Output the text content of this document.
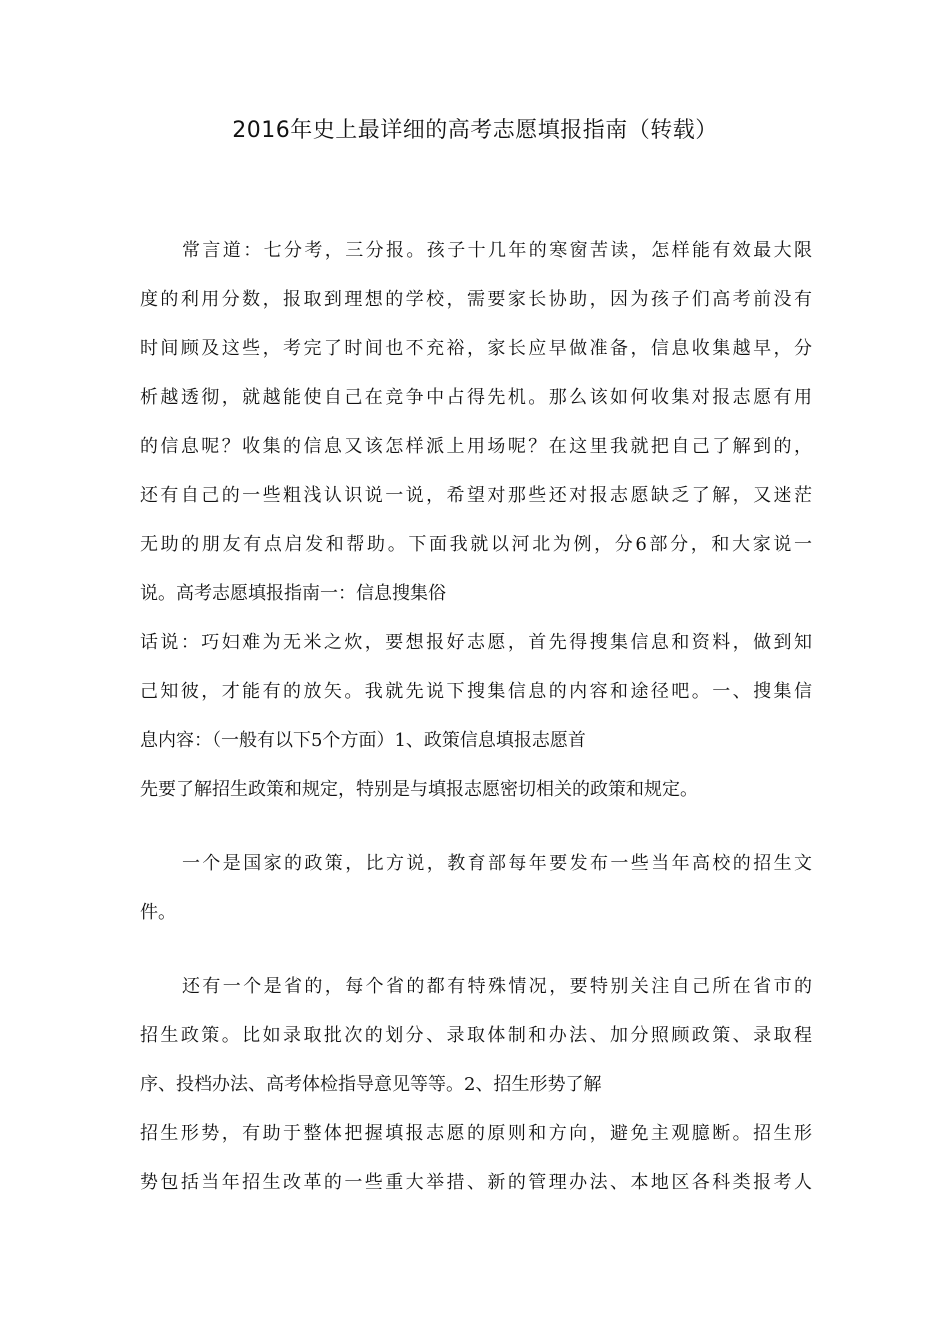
2016年史上最详细的高考志愿填报指南（转载）
常言道：七分考，三分报。孩子十几年的寒窗苦读，怎样能有效最大限
度的利用分数，报取到理想的学校，需要家长协助，因为孩子们高考前没有
时间顾及这些，考完了时间也不充裕，家长应早做准备，信息收集越早，分
析越透彻，就越能使自己在竞争中占得先机。那么该如何收集对报志愿有用
的信息呢？收集的信息又该怎样派上用场呢？在这里我就把自己了解到的，
还有自己的一些粗浅认识说一说，希望对那些还对报志愿缺乏了解，又迷茫
无助的朋友有点启发和帮助。下面我就以河北为例，分6部分，和大家说一
说。高考志愿填报指南一：信息搜集俗
话说：巧妇难为无米之炊，要想报好志愿，首先得搜集信息和资料，做到知
己知彼，才能有的放矢。我就先说下搜集信息的内容和途径吧。一、搜集信
息内容：（一般有以下5个方面）1、政策信息填报志愿首
先要了解招生政策和规定，特别是与填报志愿密切相关的政策和规定。
一个是国家的政策，比方说，教育部每年要发布一些当年高校的招生文
件。
还有一个是省的，每个省的都有特殊情况，要特别关注自己所在省市的
招生政策。比如录取批次的划分、录取体制和办法、加分照顾政策、录取程
序、投档办法、高考体检指导意见等等。2、招生形势了解
招生形势，有助于整体把握填报志愿的原则和方向，避免主观臆断。招生形
势包括当年招生改革的一些重大举措、新的管理办法、本地区各科类报考人
